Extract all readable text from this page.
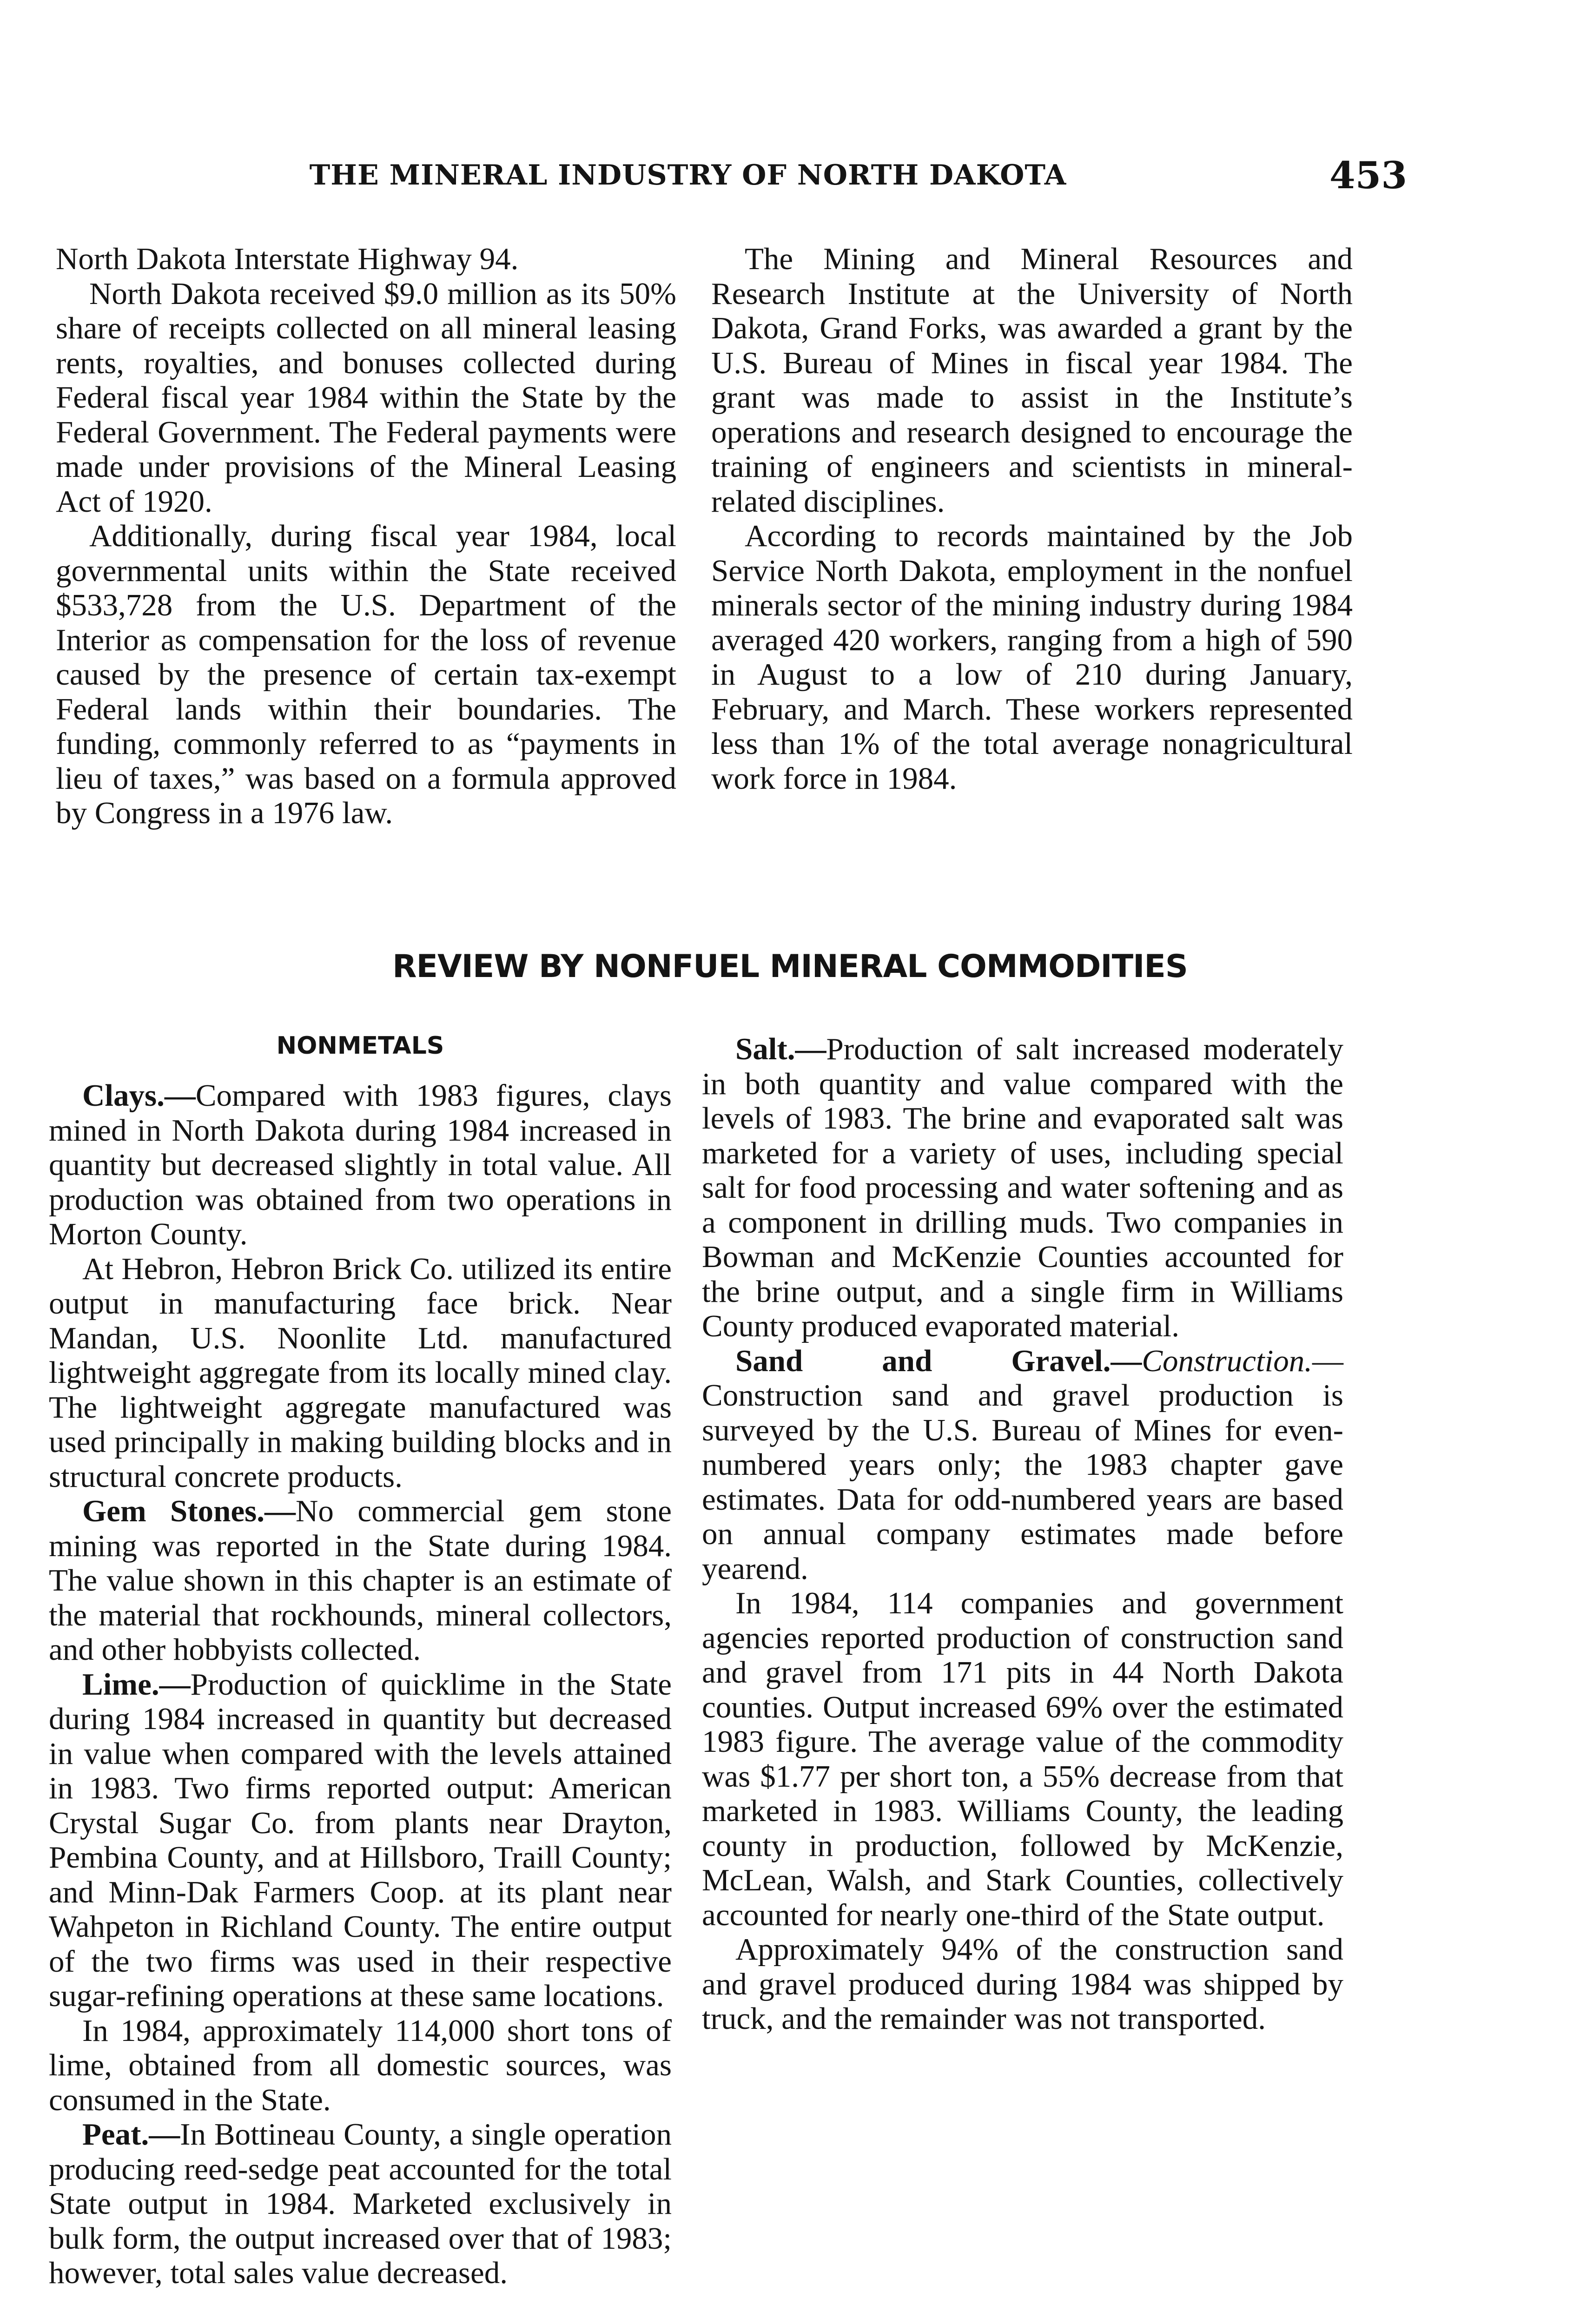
THE MINERAL INDUSTRY OF NORTH DAKOTA	453

North Dakota Interstate Highway 94.

North Dakota received $9.0 million as its 50% share of receipts collected on all mineral leasing rents, royalties, and bonuses collected during Federal fiscal year 1984 within the State by the Federal Government. The Federal payments were made under provisions of the Mineral Leasing Act of 1920.

Additionally, during fiscal year 1984, local governmental units within the State received $533,728 from the U.S. Department of the Interior as compensation for the loss of revenue caused by the presence of certain tax-exempt Federal lands within their boundaries. The funding, commonly referred to as “payments in lieu of taxes,” was based on a formula approved by Congress in a 1976 law.

The Mining and Mineral Resources and Research Institute at the University of North Dakota, Grand Forks, was awarded a grant by the U.S. Bureau of Mines in fiscal year 1984. The grant was made to assist in the Institute’s operations and research designed to encourage the training of engineers and scientists in mineral-related disciplines.

According to records maintained by the Job Service North Dakota, employment in the nonfuel minerals sector of the mining industry during 1984 averaged 420 workers, ranging from a high of 590 in August to a low of 210 during January, February, and March. These workers represented less than 1% of the total average nonagricultural work force in 1984.

REVIEW BY NONFUEL MINERAL COMMODITIES
NONMETALS

Clays.—Compared with 1983 figures, clays mined in North Dakota during 1984 increased in quantity but decreased slightly in total value. All production was obtained from two operations in Morton County.

At Hebron, Hebron Brick Co. utilized its entire output in manufacturing face brick. Near Mandan, U.S. Noonlite Ltd. manufactured lightweight aggregate from its locally mined clay. The lightweight aggregate manufactured was used principally in making building blocks and in structural concrete products.

Gem Stones.—No commercial gem stone mining was reported in the State during 1984. The value shown in this chapter is an estimate of the material that rockhounds, mineral collectors, and other hobbyists collected.

Lime.—Production of quicklime in the State during 1984 increased in quantity but decreased in value when compared with the levels attained in 1983. Two firms reported output: American Crystal Sugar Co. from plants near Drayton, Pembina County, and at Hillsboro, Traill County; and Minn-Dak Farmers Coop. at its plant near Wahpeton in Richland County. The entire output of the two firms was used in their respective sugar-refining operations at these same locations.

In 1984, approximately 114,000 short tons of lime, obtained from all domestic sources, was consumed in the State.

Peat.—In Bottineau County, a single operation producing reed-sedge peat accounted for the total State output in 1984. Marketed exclusively in bulk form, the output increased over that of 1983; however, total sales value decreased.

Salt.—Production of salt increased moderately in both quantity and value compared with the levels of 1983. The brine and evaporated salt was marketed for a variety of uses, including special salt for food processing and water softening and as a component in drilling muds. Two companies in Bowman and McKenzie Counties accounted for the brine output, and a single firm in Williams County produced evaporated material.

Sand and Gravel.—Construction.—Construction sand and gravel production is surveyed by the U.S. Bureau of Mines for even-numbered years only; the 1983 chapter gave estimates. Data for odd-numbered years are based on annual company estimates made before yearend.

In 1984, 114 companies and government agencies reported production of construction sand and gravel from 171 pits in 44 North Dakota counties. Output increased 69% over the estimated 1983 figure. The average value of the commodity was $1.77 per short ton, a 55% decrease from that marketed in 1983. Williams County, the leading county in production, followed by McKenzie, McLean, Walsh, and Stark Counties, collectively accounted for nearly one-third of the State output.

Approximately 94% of the construction sand and gravel produced during 1984 was shipped by truck, and the remainder was not transported.
